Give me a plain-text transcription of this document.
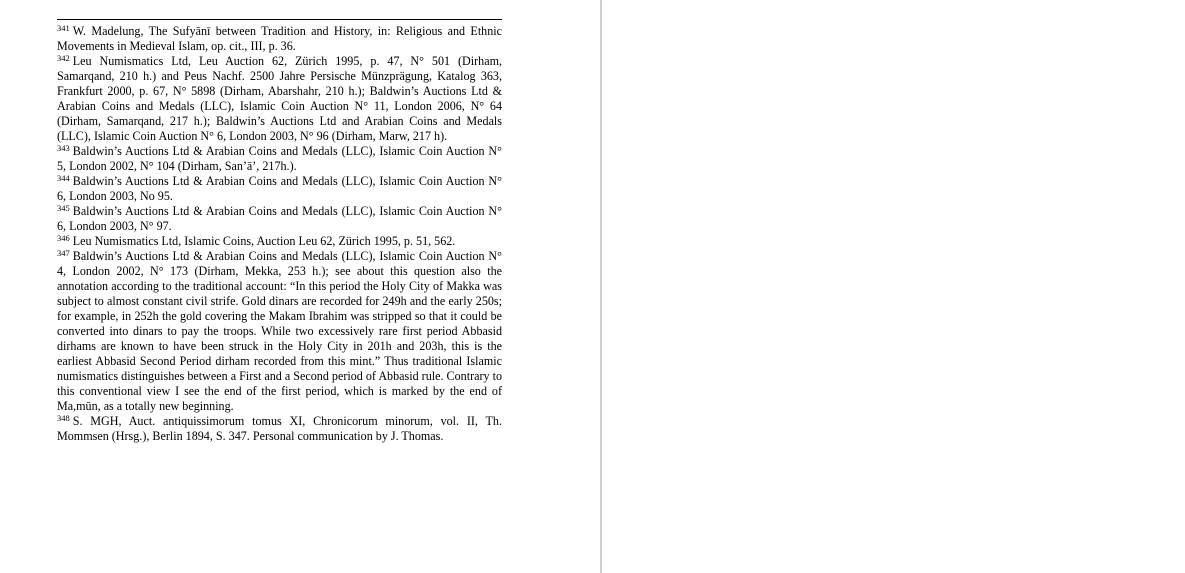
$^{341}$ W. Madelung, The Sufyānī between Tradition and History, in: Religious and Ethnic Movements in Medieval Islam, op. cit., III, p. 36.

$^{342}$ Leu Numismatics Ltd, Leu Auction 62, Zürich 1995, p. 47, N° 501 (Dirham, Samarqand, 210 h.) and Peus Nachf. 2500 Jahre Persische Münzprägung, Katalog 363, Frankfurt 2000, p. 67, N° 5898 (Dirham, Abarshahr, 210 h.); Baldwin’s Auctions Ltd & Arabian Coins and Medals (LLC), Islamic Coin Auction N° 11, London 2006, N° 64 (Dirham, Samarqand, 217 h.); Baldwin’s Auctions Ltd and Arabian Coins and Medals (LLC), Islamic Coin Auction N° 6, London 2003, N° 96 (Dirham, Marw, 217 h).

$^{343}$ Baldwin’s Auctions Ltd & Arabian Coins and Medals (LLC), Islamic Coin Auction N° 5, London 2002, N° 104 (Dirham, San’ā’, 217h.).

$^{344}$ Baldwin’s Auctions Ltd & Arabian Coins and Medals (LLC), Islamic Coin Auction N° 6, London 2003, No 95.

$^{345}$ Baldwin’s Auctions Ltd & Arabian Coins and Medals (LLC), Islamic Coin Auction N° 6, London 2003, N° 97.

$^{346}$ Leu Numismatics Ltd, Islamic Coins, Auction Leu 62, Zürich 1995, p. 51, 562.

$^{347}$ Baldwin’s Auctions Ltd & Arabian Coins and Medals (LLC), Islamic Coin Auction N° 4, London 2002, N° 173 (Dirham, Mekka, 253 h.); see about this question also the annotation according to the traditional account: “In this period the Holy City of Makka was subject to almost constant civil strife. Gold dinars are recorded for 249h and the early 250s; for example, in 252h the gold covering the Makam Ibrahim was stripped so that it could be converted into dinars to pay the troops. While two excessively rare first period Abbasid dirhams are known to have been struck in the Holy City in 201h and 203h, this is the earliest Abbasid Second Period dirham recorded from this mint.” Thus traditional Islamic numismatics distinguishes between a First and a Second period of Abbasid rule. Contrary to this conventional view I see the end of the first period, which is marked by the end of Ma,mūn, as a totally new beginning.

$^{348}$ S. MGH, Auct. antiquissimorum tomus XI, Chronicorum minorum, vol. II, Th. Mommsen (Hrsg.), Berlin 1894, S. 347. Personal communication by J. Thomas.
